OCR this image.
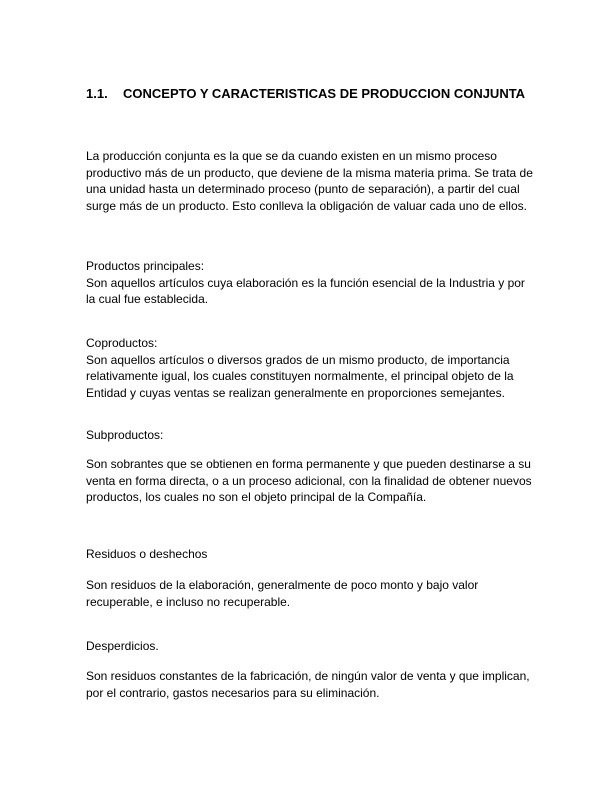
1.1.	CONCEPTO Y CARACTERISTICAS DE PRODUCCION CONJUNTA

La producción conjunta es la que se da cuando existen en un mismo proceso productivo más de un producto, que deviene de la misma materia prima. Se trata de una unidad hasta un determinado proceso (punto de separación), a partir del cual surge más de un producto. Esto conlleva la obligación de valuar cada uno de ellos.

Productos principales:
Son aquellos artículos cuya elaboración es la función esencial de la Industria y por la cual fue establecida.
Coproductos:
Son aquellos artículos o diversos grados de un mismo producto, de importancia relativamente igual, los cuales constituyen normalmente, el principal objeto de la Entidad y cuyas ventas se realizan generalmente en proporciones semejantes.

Subproductos:

Son sobrantes que se obtienen en forma permanente y que pueden destinarse a su venta en forma directa, o a un proceso adicional, con la finalidad de obtener nuevos productos, los cuales no son el objeto principal de la Compañía.

Residuos o deshechos

Son residuos de la elaboración, generalmente de poco monto y bajo valor recuperable, e incluso no recuperable.

Desperdicios.

Son residuos constantes de la fabricación, de ningún valor de venta y que implican, por el contrario, gastos necesarios para su eliminación.
